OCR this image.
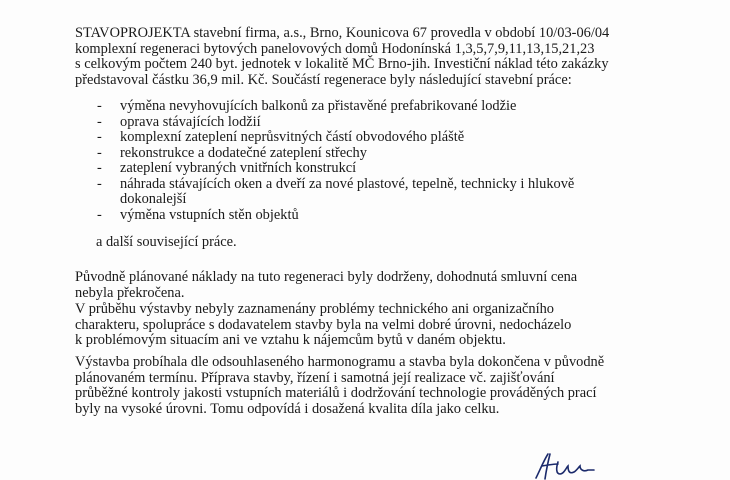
STAVOPROJEKTA stavební firma, a.s., Brno, Kounicova 67 provedla v období 10/03-06/04
komplexní regeneraci bytových panelovových domů Hodonínská 1,3,5,7,9,11,13,15,21,23
s celkovým počtem 240 byt. jednotek v lokalitě MČ Brno-jih. Investiční náklad této zakázky
představoval částku 36,9 mil. Kč. Součástí regenerace byly následující stavební práce:
- výměna nevyhovujících balkonů za přistavěné prefabrikované lodžie
- oprava stávajících lodžií
- komplexní zateplení neprůsvitných částí obvodového pláště
- rekonstrukce a dodatečné zateplení střechy
- zateplení vybraných vnitřních konstrukcí
- náhrada stávajících oken a dveří za nové plastové, tepelně, technicky i hlukově
dokonalejší
- výměna vstupních stěn objektů
a další související práce.
Původně plánované náklady na tuto regeneraci byly dodrženy, dohodnutá smluvní cena
nebyla překročena.
V průběhu výstavby nebyly zaznamenány problémy technického ani organizačního
charakteru, spolupráce s dodavatelem stavby byla na velmi dobré úrovni, nedocházelo
k problémovým situacím ani ve vztahu k nájemcům bytů v daném objektu.
Výstavba probíhala dle odsouhlaseného harmonogramu a stavba byla dokončena v původně
plánovaném termínu. Příprava stavby, řízení i samotná její realizace vč. zajišťování
průběžné kontroly jakosti vstupních materiálů i dodržování technologie prováděných prací
byly na vysoké úrovni. Tomu odpovídá i dosažená kvalita díla jako celku.
